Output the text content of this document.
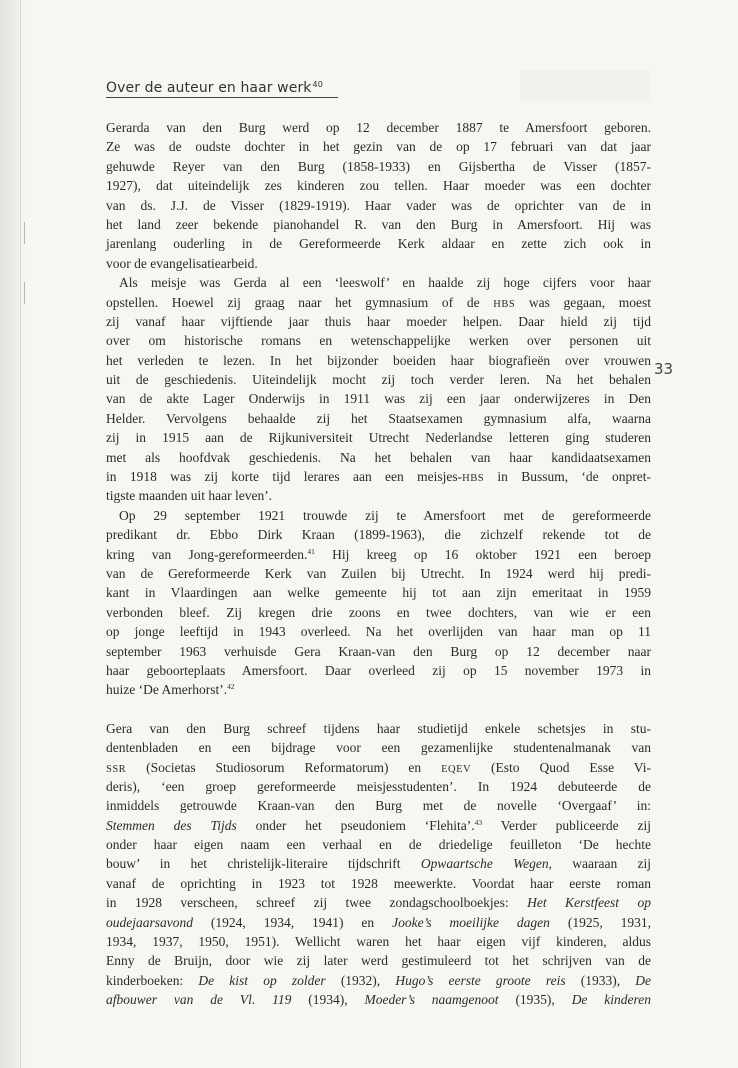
Over de auteur en haar werk$^{40}$
33
Gerarda van den Burg werd op 12 december 1887 te Amersfoort geboren.
Ze was de oudste dochter in het gezin van de op 17 februari van dat jaar
gehuwde Reyer van den Burg (1858-1933) en Gijsbertha de Visser (1857-
1927), dat uiteindelijk zes kinderen zou tellen. Haar moeder was een dochter
van ds. J.J. de Visser (1829-1919). Haar vader was de oprichter van de in
het land zeer bekende pianohandel R. van den Burg in Amersfoort. Hij was
jarenlang ouderling in de Gereformeerde Kerk aldaar en zette zich ook in
voor de evangelisatiearbeid.
Als meisje was Gerda al een ‘leeswolf’ en haalde zij hoge cijfers voor haar
opstellen. Hoewel zij graag naar het gymnasium of de HBS was gegaan, moest
zij vanaf haar vijftiende jaar thuis haar moeder helpen. Daar hield zij tijd
over om historische romans en wetenschappelijke werken over personen uit
het verleden te lezen. In het bijzonder boeiden haar biografieën over vrouwen
uit de geschiedenis. Uiteindelijk mocht zij toch verder leren. Na het behalen
van de akte Lager Onderwijs in 1911 was zij een jaar onderwijzeres in Den
Helder. Vervolgens behaalde zij het Staatsexamen gymnasium alfa, waarna
zij in 1915 aan de Rijkuniversiteit Utrecht Nederlandse letteren ging studeren
met als hoofdvak geschiedenis. Na het behalen van haar kandidaatsexamen
in 1918 was zij korte tijd lerares aan een meisjes-HBS in Bussum, ‘de onpret-
tigste maanden uit haar leven’.
Op 29 september 1921 trouwde zij te Amersfoort met de gereformeerde
predikant dr. Ebbo Dirk Kraan (1899-1963), die zichzelf rekende tot de
kring van Jong-gereformeerden.$^{41}$ Hij kreeg op 16 oktober 1921 een beroep
van de Gereformeerde Kerk van Zuilen bij Utrecht. In 1924 werd hij predi-
kant in Vlaardingen aan welke gemeente hij tot aan zijn emeritaat in 1959
verbonden bleef. Zij kregen drie zoons en twee dochters, van wie er een
op jonge leeftijd in 1943 overleed. Na het overlijden van haar man op 11
september 1963 verhuisde Gera Kraan-van den Burg op 12 december naar
haar geboorteplaats Amersfoort. Daar overleed zij op 15 november 1973 in
huize ‘De Amerhorst’.$^{42}$
Gera van den Burg schreef tijdens haar studietijd enkele schetsjes in stu-
dentenbladen en een bijdrage voor een gezamenlijke studentenalmanak van
SSR (Societas Studiosorum Reformatorum) en EQEV (Esto Quod Esse Vi-
deris), ‘een groep gereformeerde meisjesstudenten’. In 1924 debuteerde de
inmiddels getrouwde Kraan-van den Burg met de novelle ‘Overgaaf’ in:
Stemmen des Tijds onder het pseudoniem ‘Flehita’.$^{43}$ Verder publiceerde zij
onder haar eigen naam een verhaal en de driedelige feuilleton ‘De hechte
bouw’ in het christelijk-literaire tijdschrift Opwaartsche Wegen, waaraan zij
vanaf de oprichting in 1923 tot 1928 meewerkte. Voordat haar eerste roman
in 1928 verscheen, schreef zij twee zondagschoolboekjes: Het Kerstfeest op
oudejaarsavond (1924, 1934, 1941) en Jooke’s moeilijke dagen (1925, 1931,
1934, 1937, 1950, 1951). Wellicht waren het haar eigen vijf kinderen, aldus
Enny de Bruijn, door wie zij later werd gestimuleerd tot het schrijven van de
kinderboeken: De kist op zolder (1932), Hugo’s eerste groote reis (1933), De
afbouwer van de Vl. 119 (1934), Moeder’s naamgenoot (1935), De kinderen
